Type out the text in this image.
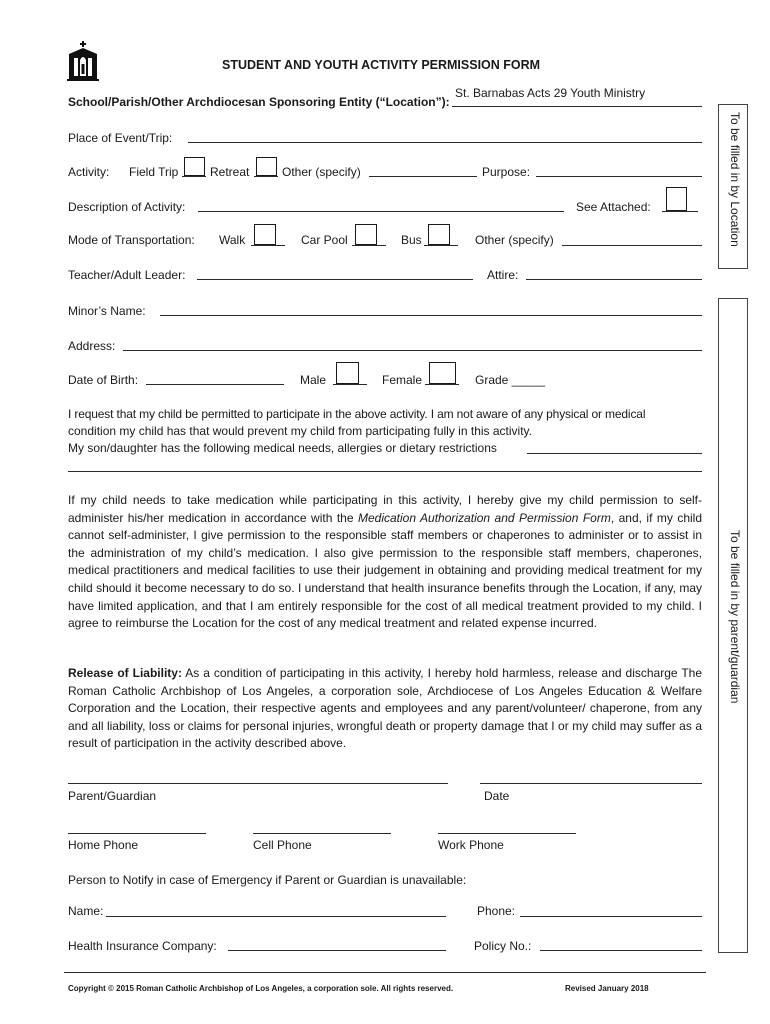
STUDENT AND YOUTH ACTIVITY PERMISSION FORM
School/Parish/Other Archdiocesan Sponsoring Entity (“Location”):
St. Barnabas Acts 29 Youth Ministry
Place of Event/Trip:
Activity: Field Trip	Retreat	Other (specify)	Purpose:
Description of Activity:	See Attached:
Mode of Transportation: Walk	Car Pool	Bus	Other (specify)
Teacher/Adult Leader:	Attire:
Minor’s Name:
Address:
Date of Birth:	Male	Female	Grade _____
I request that my child be permitted to participate in the above activity. I am not aware of any physical or medical
condition my child has that would prevent my child from participating fully in this activity.
My son/daughter has the following medical needs, allergies or dietary restrictions
If my child needs to take medication while participating in this activity, I hereby give my child permission to self-administer his/her medication in accordance with the Medication Authorization and Permission Form, and, if my child cannot self-administer, I give permission to the responsible staff members or chaperones to administer or to assist in the administration of my child’s medication. I also give permission to the responsible staff members, chaperones, medical practitioners and medical facilities to use their judgement in obtaining and providing medical treatment for my child should it become necessary to do so. I understand that health insurance benefits through the Location, if any, may have limited application, and that I am entirely responsible for the cost of all medical treatment provided to my child. I agree to reimburse the Location for the cost of any medical treatment and related expense incurred.
Release of Liability: As a condition of participating in this activity, I hereby hold harmless, release and discharge The Roman Catholic Archbishop of Los Angeles, a corporation sole, Archdiocese of Los Angeles Education & Welfare Corporation and the Location, their respective agents and employees and any parent/volunteer/ chaperone, from any and all liability, loss or claims for personal injuries, wrongful death or property damage that I or my child may suffer as a result of participation in the activity described above.
Parent/Guardian	Date
Home Phone	Cell Phone	Work Phone
Person to Notify in case of Emergency if Parent or Guardian is unavailable:
Name:	Phone:
Health Insurance Company:	Policy No.:
To be filled in by Location
To be filled in by parent/guardian
Copyright © 2015 Roman Catholic Archbishop of Los Angeles, a corporation sole. All rights reserved.	Revised January 2018
